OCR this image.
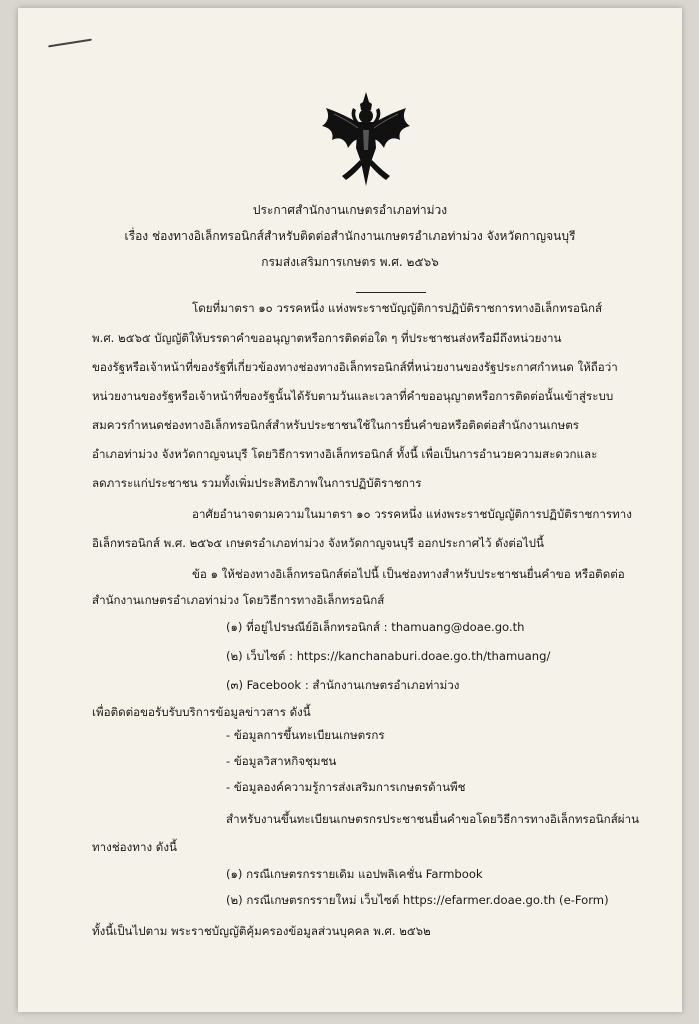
ประกาศสำนักงานเกษตรอำเภอท่าม่วง
เรื่อง ช่องทางอิเล็กทรอนิกส์สำหรับติดต่อสำนักงานเกษตรอำเภอท่าม่วง จังหวัดกาญจนบุรี
กรมส่งเสริมการเกษตร พ.ศ. ๒๕๖๖
โดยที่มาตรา ๑๐ วรรคหนึ่ง แห่งพระราชบัญญัติการปฏิบัติราชการทางอิเล็กทรอนิกส์
พ.ศ. ๒๕๖๕ บัญญัติให้บรรดาคำขออนุญาตหรือการติดต่อใด ๆ ที่ประชาชนส่งหรือมีถึงหน่วยงาน
ของรัฐหรือเจ้าหน้าที่ของรัฐที่เกี่ยวข้องทางช่องทางอิเล็กทรอนิกส์ที่หน่วยงานของรัฐประกาศกำหนด ให้ถือว่า
หน่วยงานของรัฐหรือเจ้าหน้าที่ของรัฐนั้นได้รับตามวันและเวลาที่คำขออนุญาตหรือการติดต่อนั้นเข้าสู่ระบบ
สมควรกำหนดช่องทางอิเล็กทรอนิกส์สำหรับประชาชนใช้ในการยื่นคำขอหรือติดต่อสำนักงานเกษตร
อำเภอท่าม่วง จังหวัดกาญจนบุรี โดยวิธีการทางอิเล็กทรอนิกส์ ทั้งนี้ เพื่อเป็นการอำนวยความสะดวกและ
ลดภาระแก่ประชาชน รวมทั้งเพิ่มประสิทธิภาพในการปฏิบัติราชการ
อาศัยอำนาจตามความในมาตรา ๑๐ วรรคหนึ่ง แห่งพระราชบัญญัติการปฏิบัติราชการทาง
อิเล็กทรอนิกส์ พ.ศ. ๒๕๖๕ เกษตรอำเภอท่าม่วง จังหวัดกาญจนบุรี ออกประกาศไว้ ดังต่อไปนี้
ข้อ ๑ ให้ช่องทางอิเล็กทรอนิกส์ต่อไปนี้ เป็นช่องทางสำหรับประชาชนยื่นคำขอ หรือติดต่อ
สำนักงานเกษตรอำเภอท่าม่วง โดยวิธีการทางอิเล็กทรอนิกส์
(๑) ที่อยู่ไปรษณีย์อิเล็กทรอนิกส์ : thamuang@doae.go.th
(๒) เว็บไซต์ : https://kanchanaburi.doae.go.th/thamuang/
(๓) Facebook : สำนักงานเกษตรอำเภอท่าม่วง
เพื่อติดต่อขอรับรับบริการข้อมูลข่าวสาร ดังนี้
- ข้อมูลการขึ้นทะเบียนเกษตรกร
- ข้อมูลวิสาหกิจชุมชน
- ข้อมูลองค์ความรู้การส่งเสริมการเกษตรด้านพืช
สำหรับงานขึ้นทะเบียนเกษตรกรประชาชนยื่นคำขอโดยวิธีการทางอิเล็กทรอนิกส์ผ่าน
ทางช่องทาง ดังนี้
(๑) กรณีเกษตรกรรายเดิม แอปพลิเคชั่น Farmbook
(๒) กรณีเกษตรกรรายใหม่ เว็บไซต์ https://efarmer.doae.go.th (e-Form)
ทั้งนี้เป็นไปตาม พระราชบัญญัติคุ้มครองข้อมูลส่วนบุคคล พ.ศ. ๒๕๖๒
